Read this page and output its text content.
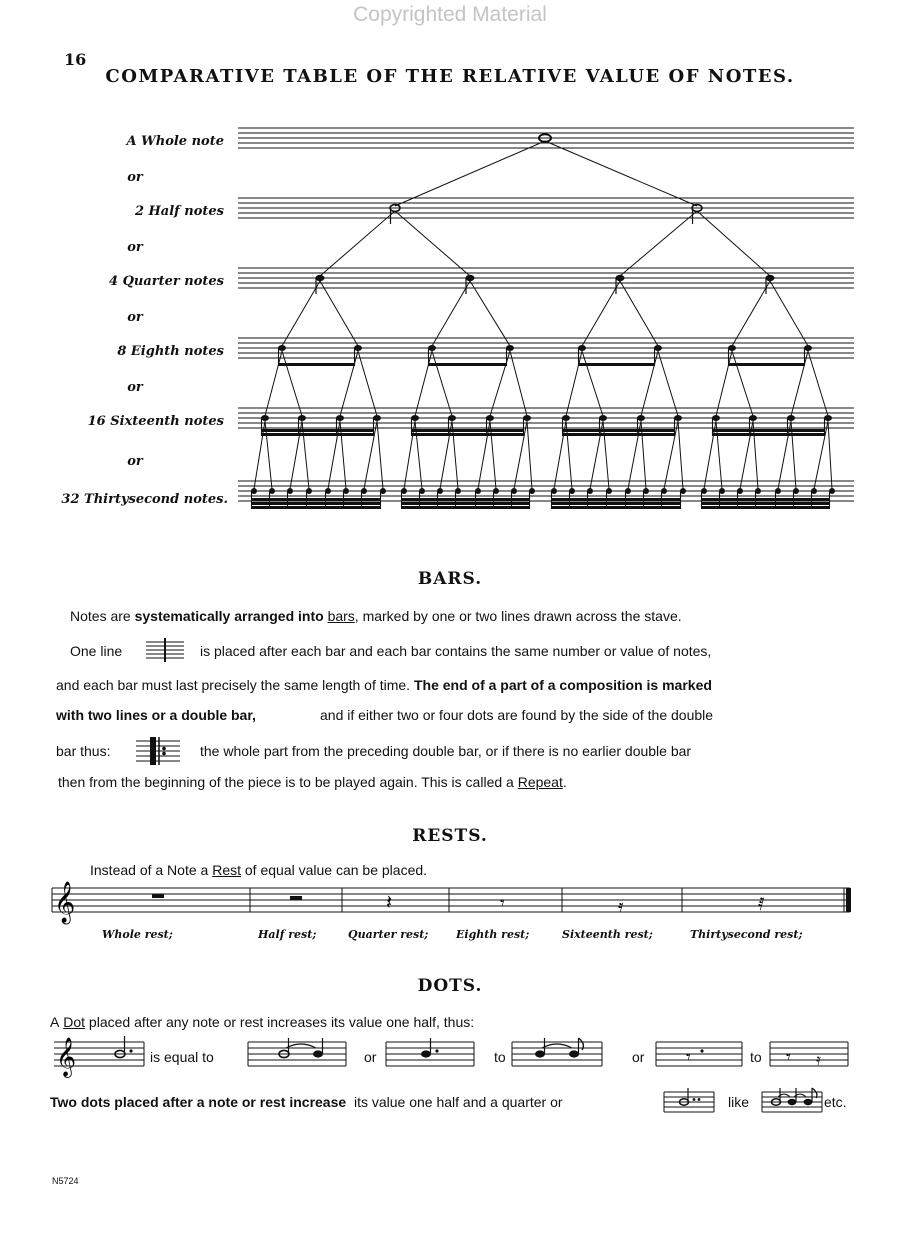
Copyrighted Material
16
COMPARATIVE TABLE OF THE RELATIVE VALUE OF NOTES.
A Whole note
or
2 Half notes
or
4 Quarter notes
or
8 Eighth notes
or
16 Sixteenth notes
or
32 Thirtysecond notes.
BARS.
Notes are systematically arranged into bars, marked by one or two lines drawn across the stave.
One line	is placed after each bar and each bar contains the same number or value of notes,
and each bar must last precisely the same length of time. The end of a part of a composition is marked
with two lines or a double bar,	and if either two or four dots are found by the side of the double
bar thus:	the whole part from the preceding double bar, or if there is no earlier double bar
then from the beginning of the piece is to be played again. This is called a Repeat.
RESTS.
Instead of a Note a Rest of equal value can be placed.
𝄞	𝄽	𝄾	𝄿	𝅀
Whole rest;	Half rest;	Quarter rest;	Eighth rest;	Sixteenth rest;	Thirtysecond rest;
DOTS.
A Dot placed after any note or rest increases its value one half, thus:
𝄞	is equal to	or	to	or 𝄾	to 𝄾 𝄿
Two dots placed after a note or rest increase its value one half and a quarter or	like	etc.
N5724
